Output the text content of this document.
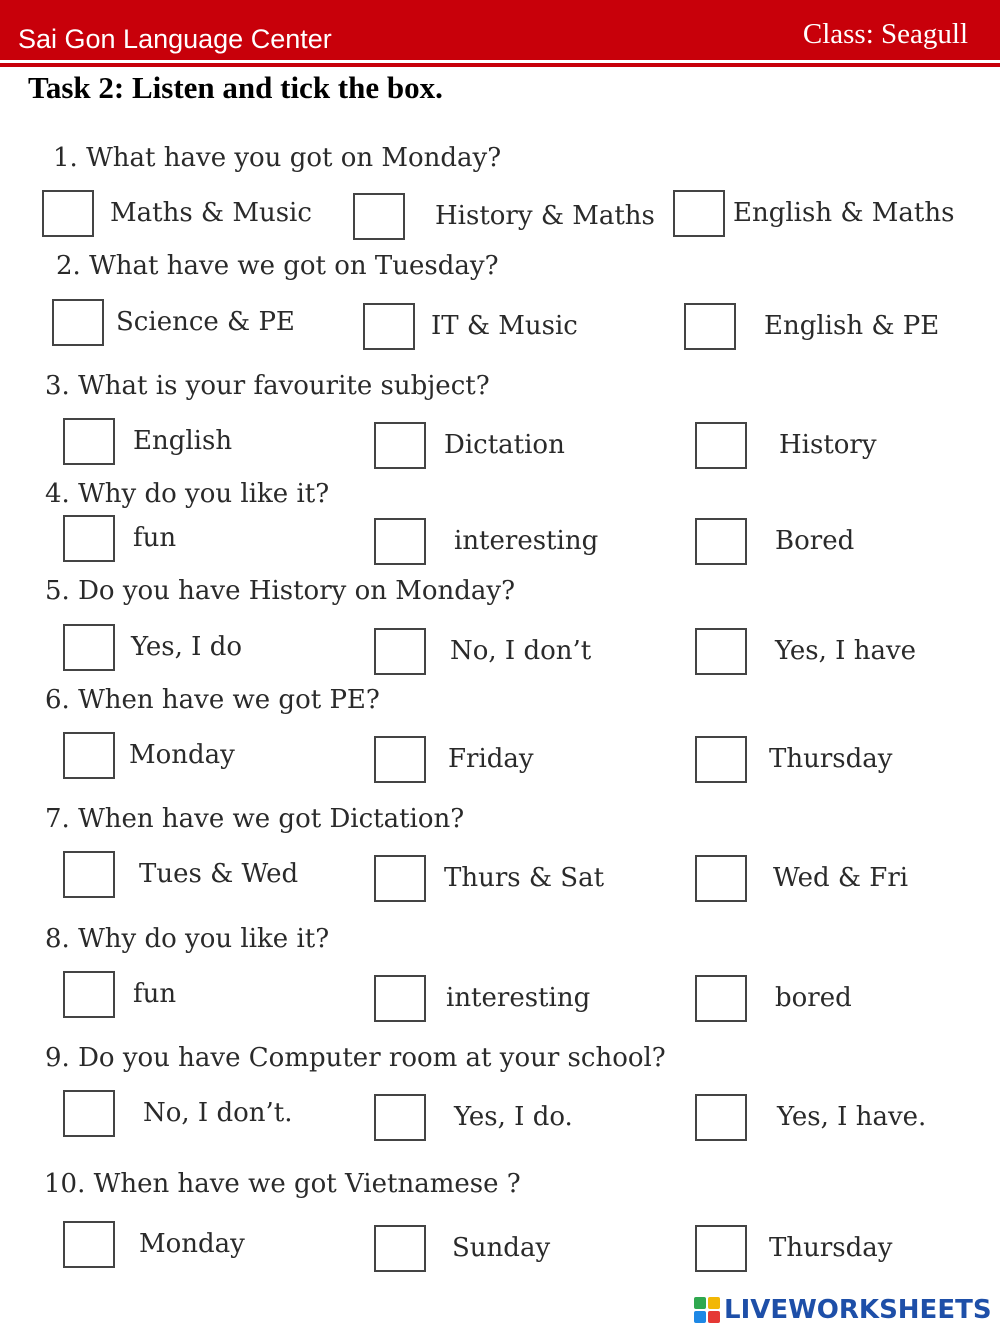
Sai Gon Language Center	Class: Seagull
Task 2: Listen and tick the box.
1. What have you got on Monday?
Maths & Music	History & Maths	English & Maths
2. What have we got on Tuesday?
Science & PE	IT & Music	English & PE
3. What is your favourite subject?
English	Dictation	History
4. Why do you like it?
fun	interesting	Bored
5. Do you have History on Monday?
Yes, I do	No, I don’t	Yes, I have
6. When have we got PE?
Monday	Friday	Thursday
7. When have we got Dictation?
Tues & Wed	Thurs & Sat	Wed & Fri
8. Why do you like it?
fun	interesting	bored
9. Do you have Computer room at your school?
No, I don’t.	Yes, I do.	Yes, I have.
10. When have we got Vietnamese ?
Monday	Sunday	Thursday
LIVEWORKSHEETS
